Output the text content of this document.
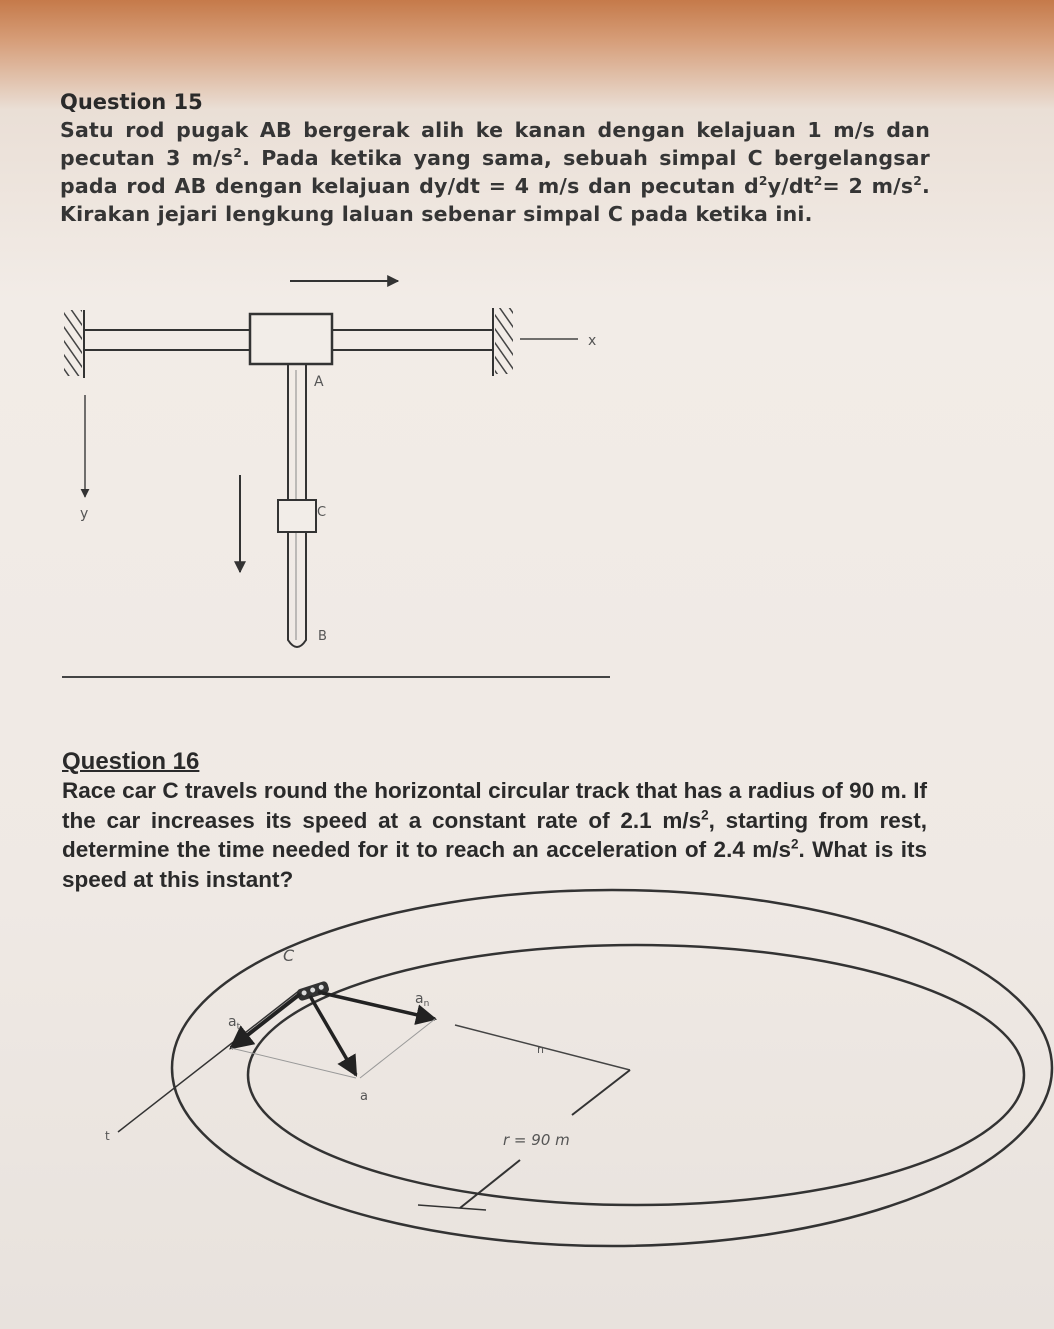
Question 15

Satu rod pugak AB bergerak alih ke kanan dengan kelajuan 1 m/s dan pecutan 3 $m/s^2$. Pada ketika yang sama, sebuah simpal C bergelangsar pada rod AB dengan kelajuan dy/dt = 4 m/s dan pecutan $d^2y/dt^2= 2$ $m/s^2$. Kirakan jejari lengkung laluan sebenar simpal C pada ketika ini.

x
y
A
C
B

Question 16

Race car C travels round the horizontal circular track that has a radius of 90 m. If the car increases its speed at a constant rate of 2.1 $m/s^2$, starting from rest, determine the time needed for it to reach an acceleration of 2.4 $m/s^2$. What is its speed at this instant?

C
t
$a_t$
$a_n$
a
n
r = 90 m
